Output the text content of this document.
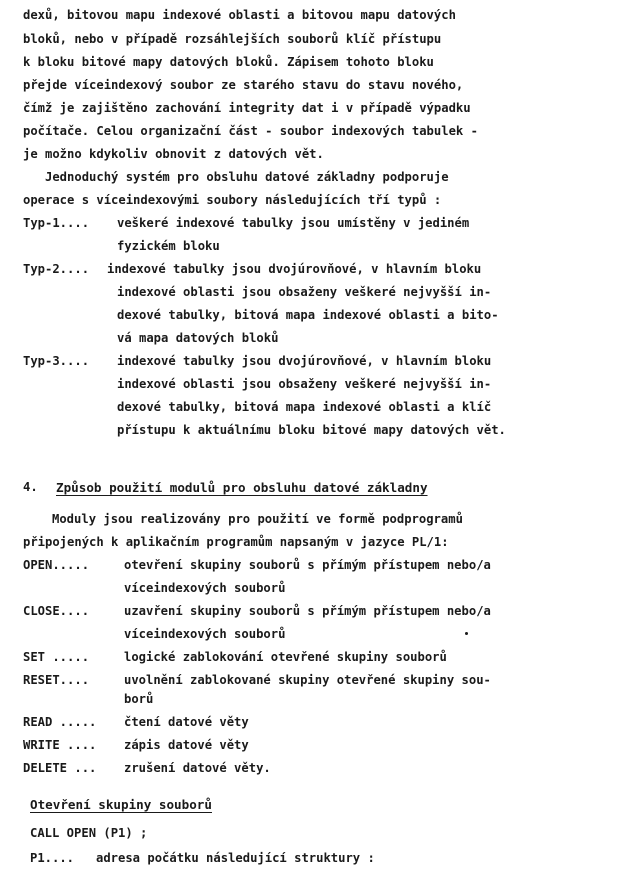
dexů, bitovou mapu indexové oblasti a bitovou mapu datových
bloků, nebo v případě rozsáhlejších souborů klíč přístupu
k bloku bitové mapy datových bloků. Zápisem tohoto bloku
přejde víceindexový soubor ze starého stavu do stavu nového,
čímž je zajištěno zachování integrity dat i v případě výpadku
počítače. Celou organizační část - soubor indexových tabulek -
je možno kdykoliv obnovit z datových vět.
Jednoduchý systém pro obsluhu datové základny podporuje
operace s víceindexovými soubory následujících tří typů :
Typ-1.... veškeré indexové tabulky jsou umístěny v jediném
fyzickém bloku
Typ-2.... indexové tabulky jsou dvojúrovňové, v hlavním bloku
indexové oblasti jsou obsaženy veškeré nejvyšší in-
dexové tabulky, bitová mapa indexové oblasti a bito-
vá mapa datových bloků
Typ-3.... indexové tabulky jsou dvojúrovňové, v hlavním bloku
indexové oblasti jsou obsaženy veškeré nejvyšší in-
dexové tabulky, bitová mapa indexové oblasti a klíč
přístupu k aktuálnímu bloku bitové mapy datových vět.
4. Způsob použití modulů pro obsluhu datové základny
Moduly jsou realizovány pro použití ve formě podprogramů
připojených k aplikačním programům napsaným v jazyce PL/1:
OPEN.....	otevření skupiny souborů s přímým přístupem nebo/a
víceindexových souborů
CLOSE....	uzavření skupiny souborů s přímým přístupem nebo/a
víceindexových souborů
SET .....	logické zablokování otevřené skupiny souborů
RESET....	uvolnění zablokované skupiny otevřené skupiny sou-
borů
READ ..... čtení datové věty
WRITE .... zápis datové věty
DELETE ... zrušení datové věty.
Otevření skupiny souborů
CALL OPEN (P1) ;
P1.... adresa počátku následující struktury :
